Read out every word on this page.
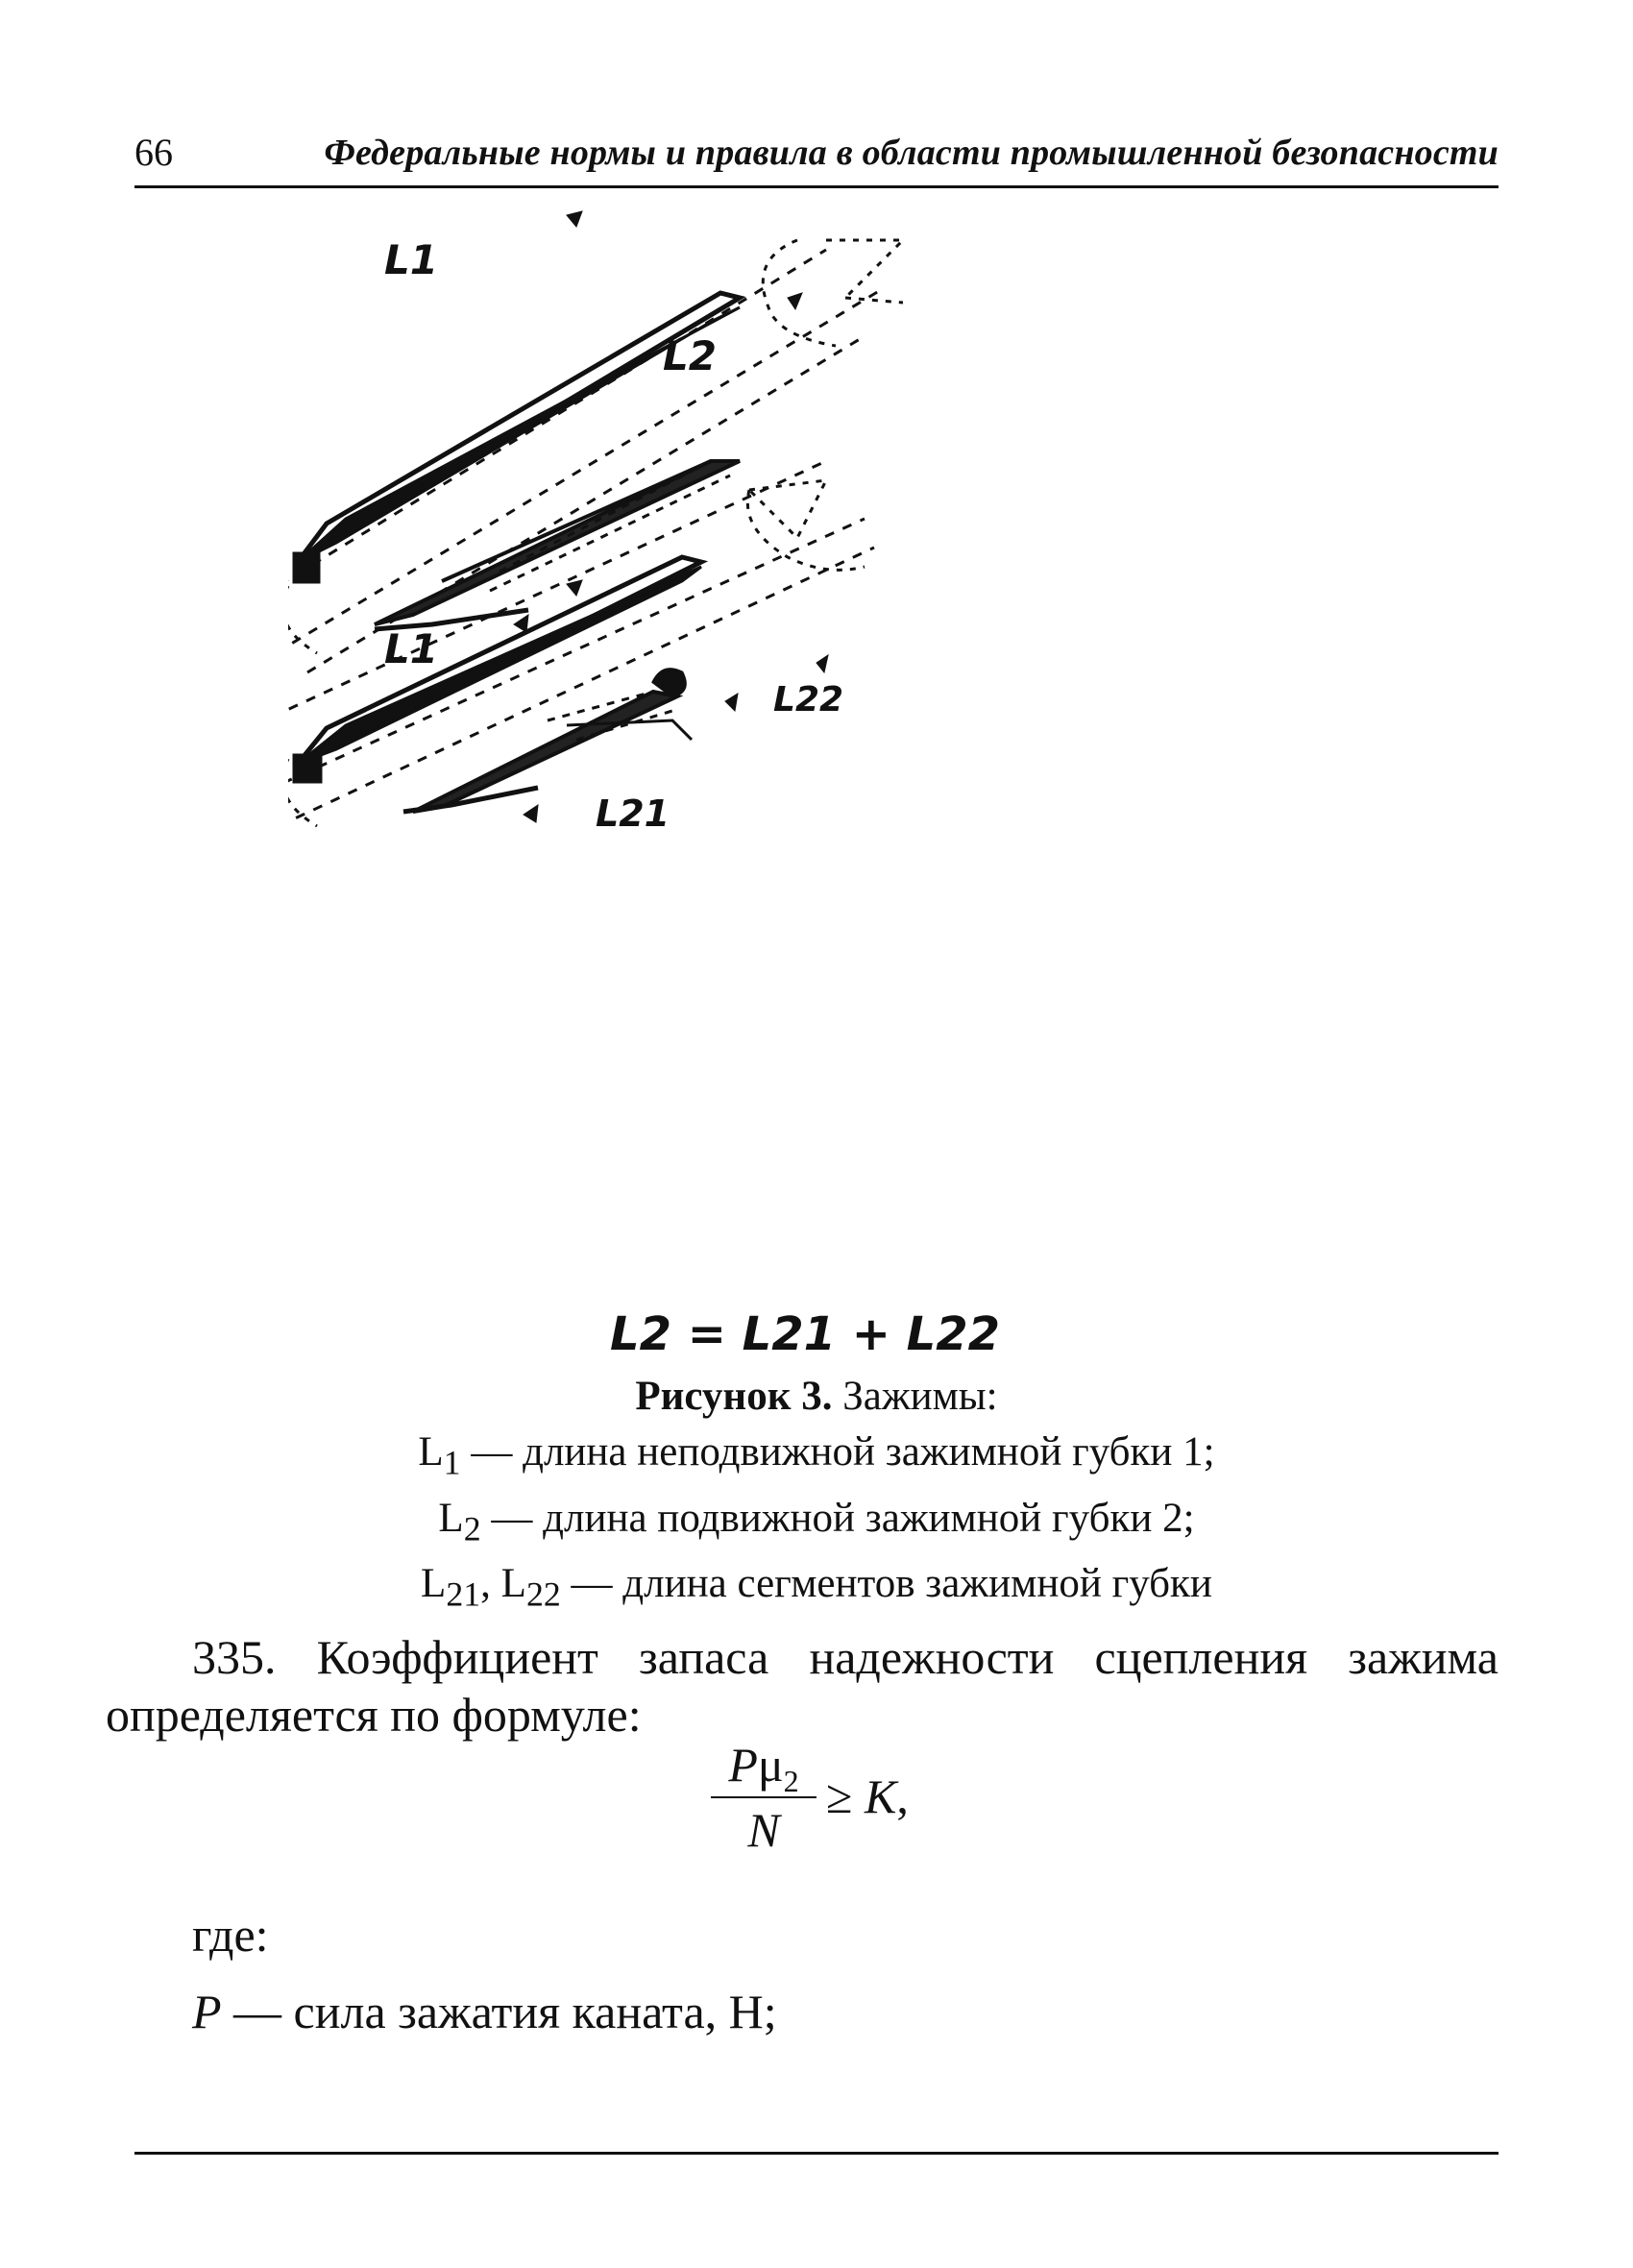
66	Федеральные нормы и правила в области промышленной безопасности
L1
L2
L1
L22
L21
L2 = L21 + L22
Рисунок 3. Зажимы:
$L_1$ — длина неподвижной зажимной губки 1;
$L_2$ — длина подвижной зажимной губки 2;
$L_{21}$, $L_{22}$ — длина сегментов зажимной губки
335. Коэффициент запаса надежности сцепления зажима определяется по формуле:
$P\mu_2$
N
≥ K,
где:
P — сила зажатия каната, Н;
